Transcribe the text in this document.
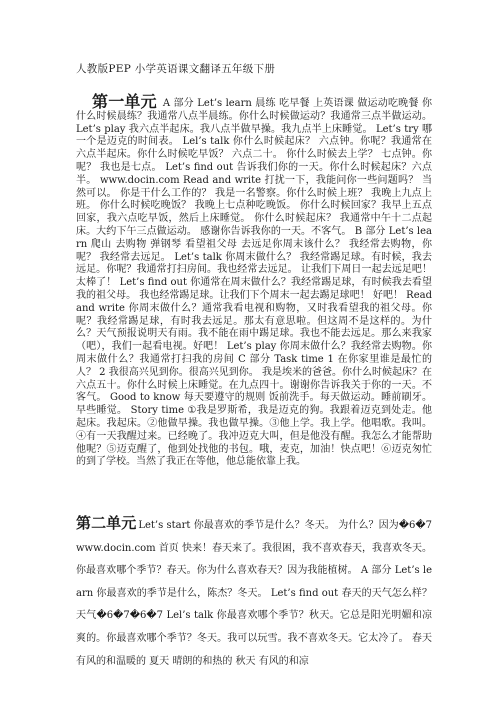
人教版PEP 小学英语课文翻译五年级下册
第一单元 A 部分 Let’s learn 晨练 吃早餐 上英语课 做运动吃晚餐 你什么时候晨练？我通常八点半晨练。你什么时候做运动？我通常三点半做运动。 Let’s play 我六点半起床。我八点半做早操。我九点半上床睡觉。 Let’s try 哪一个是迈克的时间表。 Lel’s talk 你什么时候起床？ 六点钟。你呢？我通常在六点半起床。你什么时候吃早饭？ 六点二十。 你什么时候去上学？ 七点钟。你呢？ 我也是七点。 Let’s find out 告诉我们你的一天。你什么时候起床？六点半。 www.docin.com Read and write 打扰一下，我能问你一些问题吗？ 当然可以。 你是干什么工作的？ 我是一名警察。你什么时候上班？ 我晚上九点上班。 你什么时候吃晚饭？ 我晚上七点种吃晚饭。 你什么时候回家？我早上五点回家，我六点吃早饭，然后上床睡觉。 你什么时候起床？ 我通常中午十二点起床。大约下午三点做运动。 感谢你告诉我你的一天。不客气。 B 部分 Let’s learn 爬山 去购物 弹钢琴 看望祖父母 去远足你周末该什么？ 我经常去购物，你呢？ 我经常去远足。 Let’s talk 你周末做什么？ 我经常踢足球。有时候，我去远足。你呢？我通常打扫房间。我也经常去远足。 让我们下周日一起去远足吧！ 太棒了！ Let’s find out 你通常在周末做什么？我经常踢足球，有时候我去看望我的祖父母。 我也经常踢足球。让我们下个周末一起去踢足球吧！ 好吧！ Read and write 你周末做什么？通常我看电视和购物，又时我看望我的祖父母。你呢？我经常踢足球，有时我去远足。那太有意思啦。但这周不是这样的。为什么？天气预报说明天有雨。我不能在雨中踢足球。我也不能去远足。那么来我家（吧），我们一起看电视。好吧！ Let’s play 你周末做什么？我经常去购物。你周末做什么？我通常打扫我的房间 C 部分 Task time 1 在你家里谁是最忙的人？ 2 我很高兴见到你。很高兴见到你。 我是埃米的爸爸。你什么时候起床？在六点五十。你什么时候上床睡觉。在九点四十。谢谢你告诉我关于你的一天。不客气。 Good to know 每天要遵守的规则 饭前洗手。每天做运动。睡前刷牙。早些睡觉。 Story time ①我是罗斯希，我是迈克的狗。我跟着迈克到处走。他起床。我起床。②他做早操。我也做早操。③他上学。我上学。他唱歌。我叫。④有一天我醒过来。已经晚了。我冲迈克大叫，但是他没有醒。我怎么才能帮助他呢？⑤迈克醒了，他到处找他的书包。哦，麦克，加油！快点吧！⑥迈克匆忙的到了学校。当然了我正在等他，他总能依靠上我。
第二单元 Let’s start 你最喜欢的季节是什么？冬天。 为什么？因为�6�7 www.docin.com 首页 快来！春天来了。我很困，我不喜欢春天，我喜欢冬天。你最喜欢哪个季节？春天。你为什么喜欢春天？因为我能植树。 A 部分 Let’s learn 你最喜欢的季节是什么，陈杰？冬天。 Let’s find out 春天的天气怎么样？天气�6�7�6�7 Lel’s talk 你最喜欢哪个季节？秋天。它总是阳光明媚和凉爽的。你最喜欢哪个季节？冬天。我可以玩雪。我不喜欢冬天。它太冷了。 春天 有风的和温暖的 夏天 晴朗的和热的 秋天 有风的和凉
